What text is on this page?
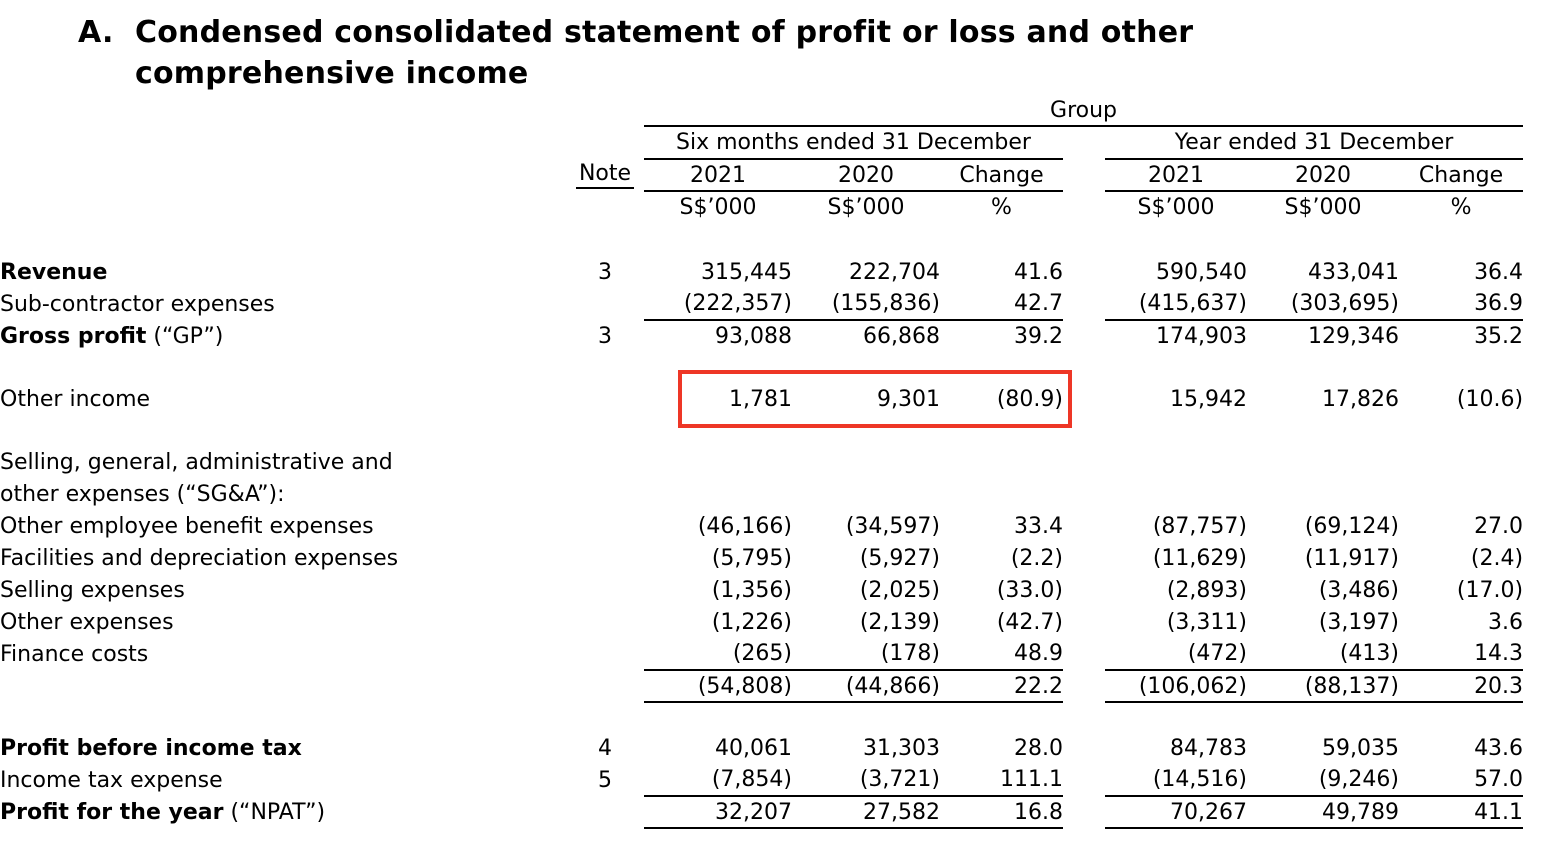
A. Condensed consolidated statement of profit or loss and other
comprehensive income
		Group						
		Six months ended 31 December				Year ended 31 December		
	Note	2021	2020	Change		2021	2020	Change
		S$’000	S$’000	%		S$’000	S$’000	%

Revenue	3	315,445	222,704	41.6		590,540	433,041	36.4
Sub-contractor expenses		(222,357)	(155,836)	42.7		(415,637)	(303,695)	36.9
Gross profit (“GP”)	3	93,088	66,868	39.2		174,903	129,346	35.2

Other income		1,781	9,301	(80.9)		15,942	17,826	(10.6)

Selling, general, administrative and								
other expenses (“SG&A”):								
Other employee benefit expenses		(46,166)	(34,597)	33.4		(87,757)	(69,124)	27.0
Facilities and depreciation expenses		(5,795)	(5,927)	(2.2)		(11,629)	(11,917)	(2.4)
Selling expenses		(1,356)	(2,025)	(33.0)		(2,893)	(3,486)	(17.0)
Other expenses		(1,226)	(2,139)	(42.7)		(3,311)	(3,197)	3.6
Finance costs		(265)	(178)	48.9		(472)	(413)	14.3
		(54,808)	(44,866)	22.2		(106,062)	(88,137)	20.3

Profit before income tax	4	40,061	31,303	28.0		84,783	59,035	43.6
Income tax expense	5	(7,854)	(3,721)	111.1		(14,516)	(9,246)	57.0
Profit for the year (“NPAT”)		32,207	27,582	16.8		70,267	49,789	41.1
